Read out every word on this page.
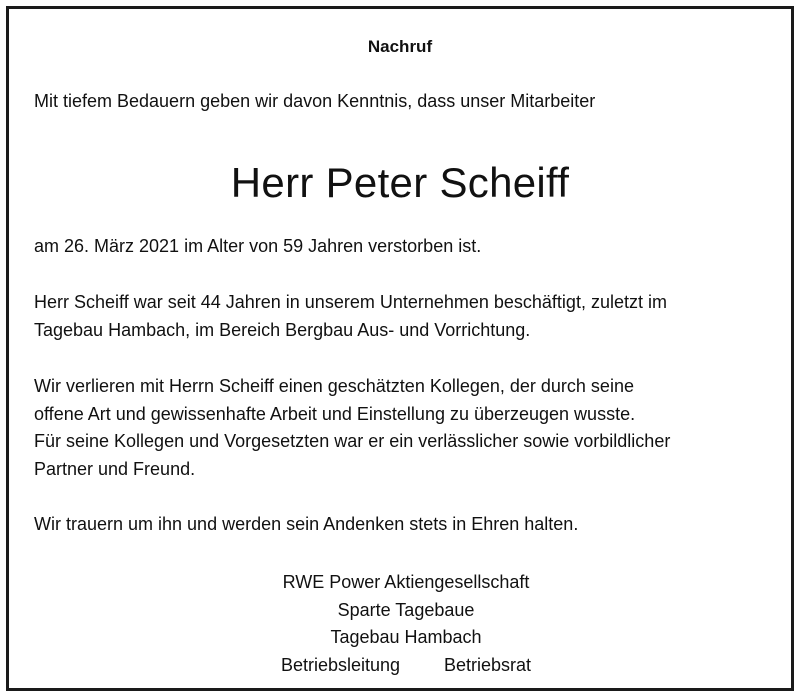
Nachruf

Mit tiefem Bedauern geben wir davon Kenntnis, dass unser Mitarbeiter

Herr Peter Scheiff

am 26. März 2021 im Alter von 59 Jahren verstorben ist.

Herr Scheiff war seit 44 Jahren in unserem Unternehmen beschäftigt, zuletzt im
Tagebau Hambach, im Bereich Bergbau Aus- und Vorrichtung.

Wir verlieren mit Herrn Scheiff einen geschätzten Kollegen, der durch seine
offene Art und gewissenhafte Arbeit und Einstellung zu überzeugen wusste.
Für seine Kollegen und Vorgesetzten war er ein verlässlicher sowie vorbildlicher
Partner und Freund.

Wir trauern um ihn und werden sein Andenken stets in Ehren halten.

RWE Power Aktiengesellschaft
Sparte Tagebaue
Tagebau Hambach
Betriebsleitung Betriebsrat
